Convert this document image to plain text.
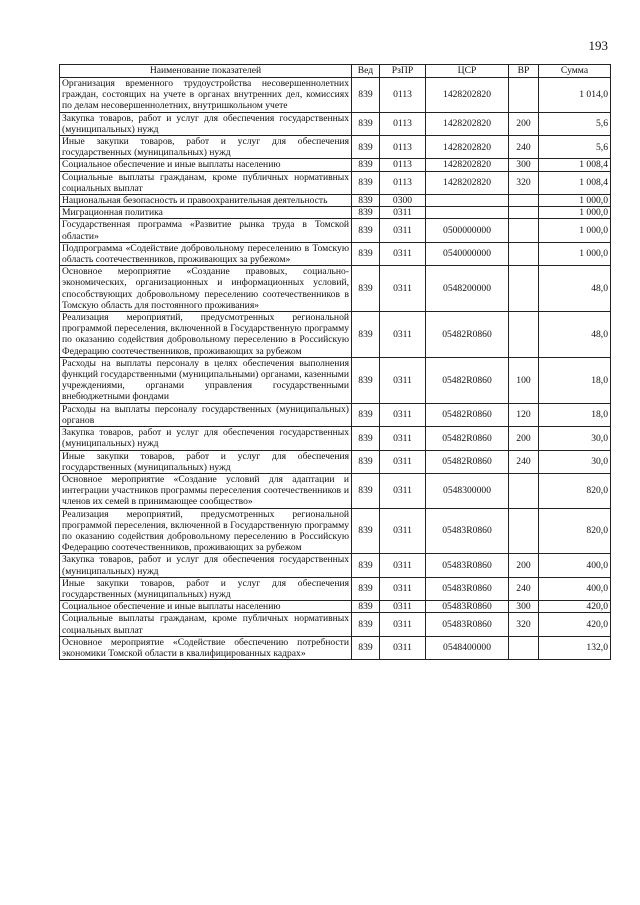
193
Наименование показателей	Вед	РзПР	ЦСР	ВР	Сумма
Организация временного трудоустройства несовершеннолетних граждан, состоящих на учете в органах внутренних дел, комиссиях по делам несовершеннолетних, внутришкольном учете	839	0113	1428202820		1 014,0
Закупка товаров, работ и услуг для обеспечения государственных (муниципальных) нужд	839	0113	1428202820	200	5,6
Иные закупки товаров, работ и услуг для обеспечения государственных (муниципальных) нужд	839	0113	1428202820	240	5,6
Социальное обеспечение и иные выплаты населению	839	0113	1428202820	300	1 008,4
Социальные выплаты гражданам, кроме публичных нормативных социальных выплат	839	0113	1428202820	320	1 008,4
Национальная безопасность и правоохранительная деятельность	839	0300			1 000,0
Миграционная политика	839	0311			1 000,0
Государственная программа «Развитие рынка труда в Томской области»	839	0311	0500000000		1 000,0
Подпрограмма «Содействие добровольному переселению в Томскую область соотечественников, проживающих за рубежом»	839	0311	0540000000		1 000,0
Основное мероприятие «Создание правовых, социально-экономических, организационных и информационных условий, способствующих добровольному переселению соотечественников в Томскую область для постоянного проживания»	839	0311	0548200000		48,0
Реализация мероприятий, предусмотренных региональной программой переселения, включенной в Государственную программу по оказанию содействия добровольному переселению в Российскую Федерацию соотечественников, проживающих за рубежом	839	0311	05482R0860		48,0
Расходы на выплаты персоналу в целях обеспечения выполнения функций государственными (муниципальными) органами, казенными учреждениями, органами управления государственными внебюджетными фондами	839	0311	05482R0860	100	18,0
Расходы на выплаты персоналу государственных (муниципальных) органов	839	0311	05482R0860	120	18,0
Закупка товаров, работ и услуг для обеспечения государственных (муниципальных) нужд	839	0311	05482R0860	200	30,0
Иные закупки товаров, работ и услуг для обеспечения государственных (муниципальных) нужд	839	0311	05482R0860	240	30,0
Основное мероприятие «Создание условий для адаптации и интеграции участников программы переселения соотечественников и членов их семей в принимающее сообщество»	839	0311	0548300000		820,0
Реализация мероприятий, предусмотренных региональной программой переселения, включенной в Государственную программу по оказанию содействия добровольному переселению в Российскую Федерацию соотечественников, проживающих за рубежом	839	0311	05483R0860		820,0
Закупка товаров, работ и услуг для обеспечения государственных (муниципальных) нужд	839	0311	05483R0860	200	400,0
Иные закупки товаров, работ и услуг для обеспечения государственных (муниципальных) нужд	839	0311	05483R0860	240	400,0
Социальное обеспечение и иные выплаты населению	839	0311	05483R0860	300	420,0
Социальные выплаты гражданам, кроме публичных нормативных социальных выплат	839	0311	05483R0860	320	420,0
Основное мероприятие «Содействие обеспечению потребности экономики Томской области в квалифицированных кадрах»	839	0311	0548400000		132,0
